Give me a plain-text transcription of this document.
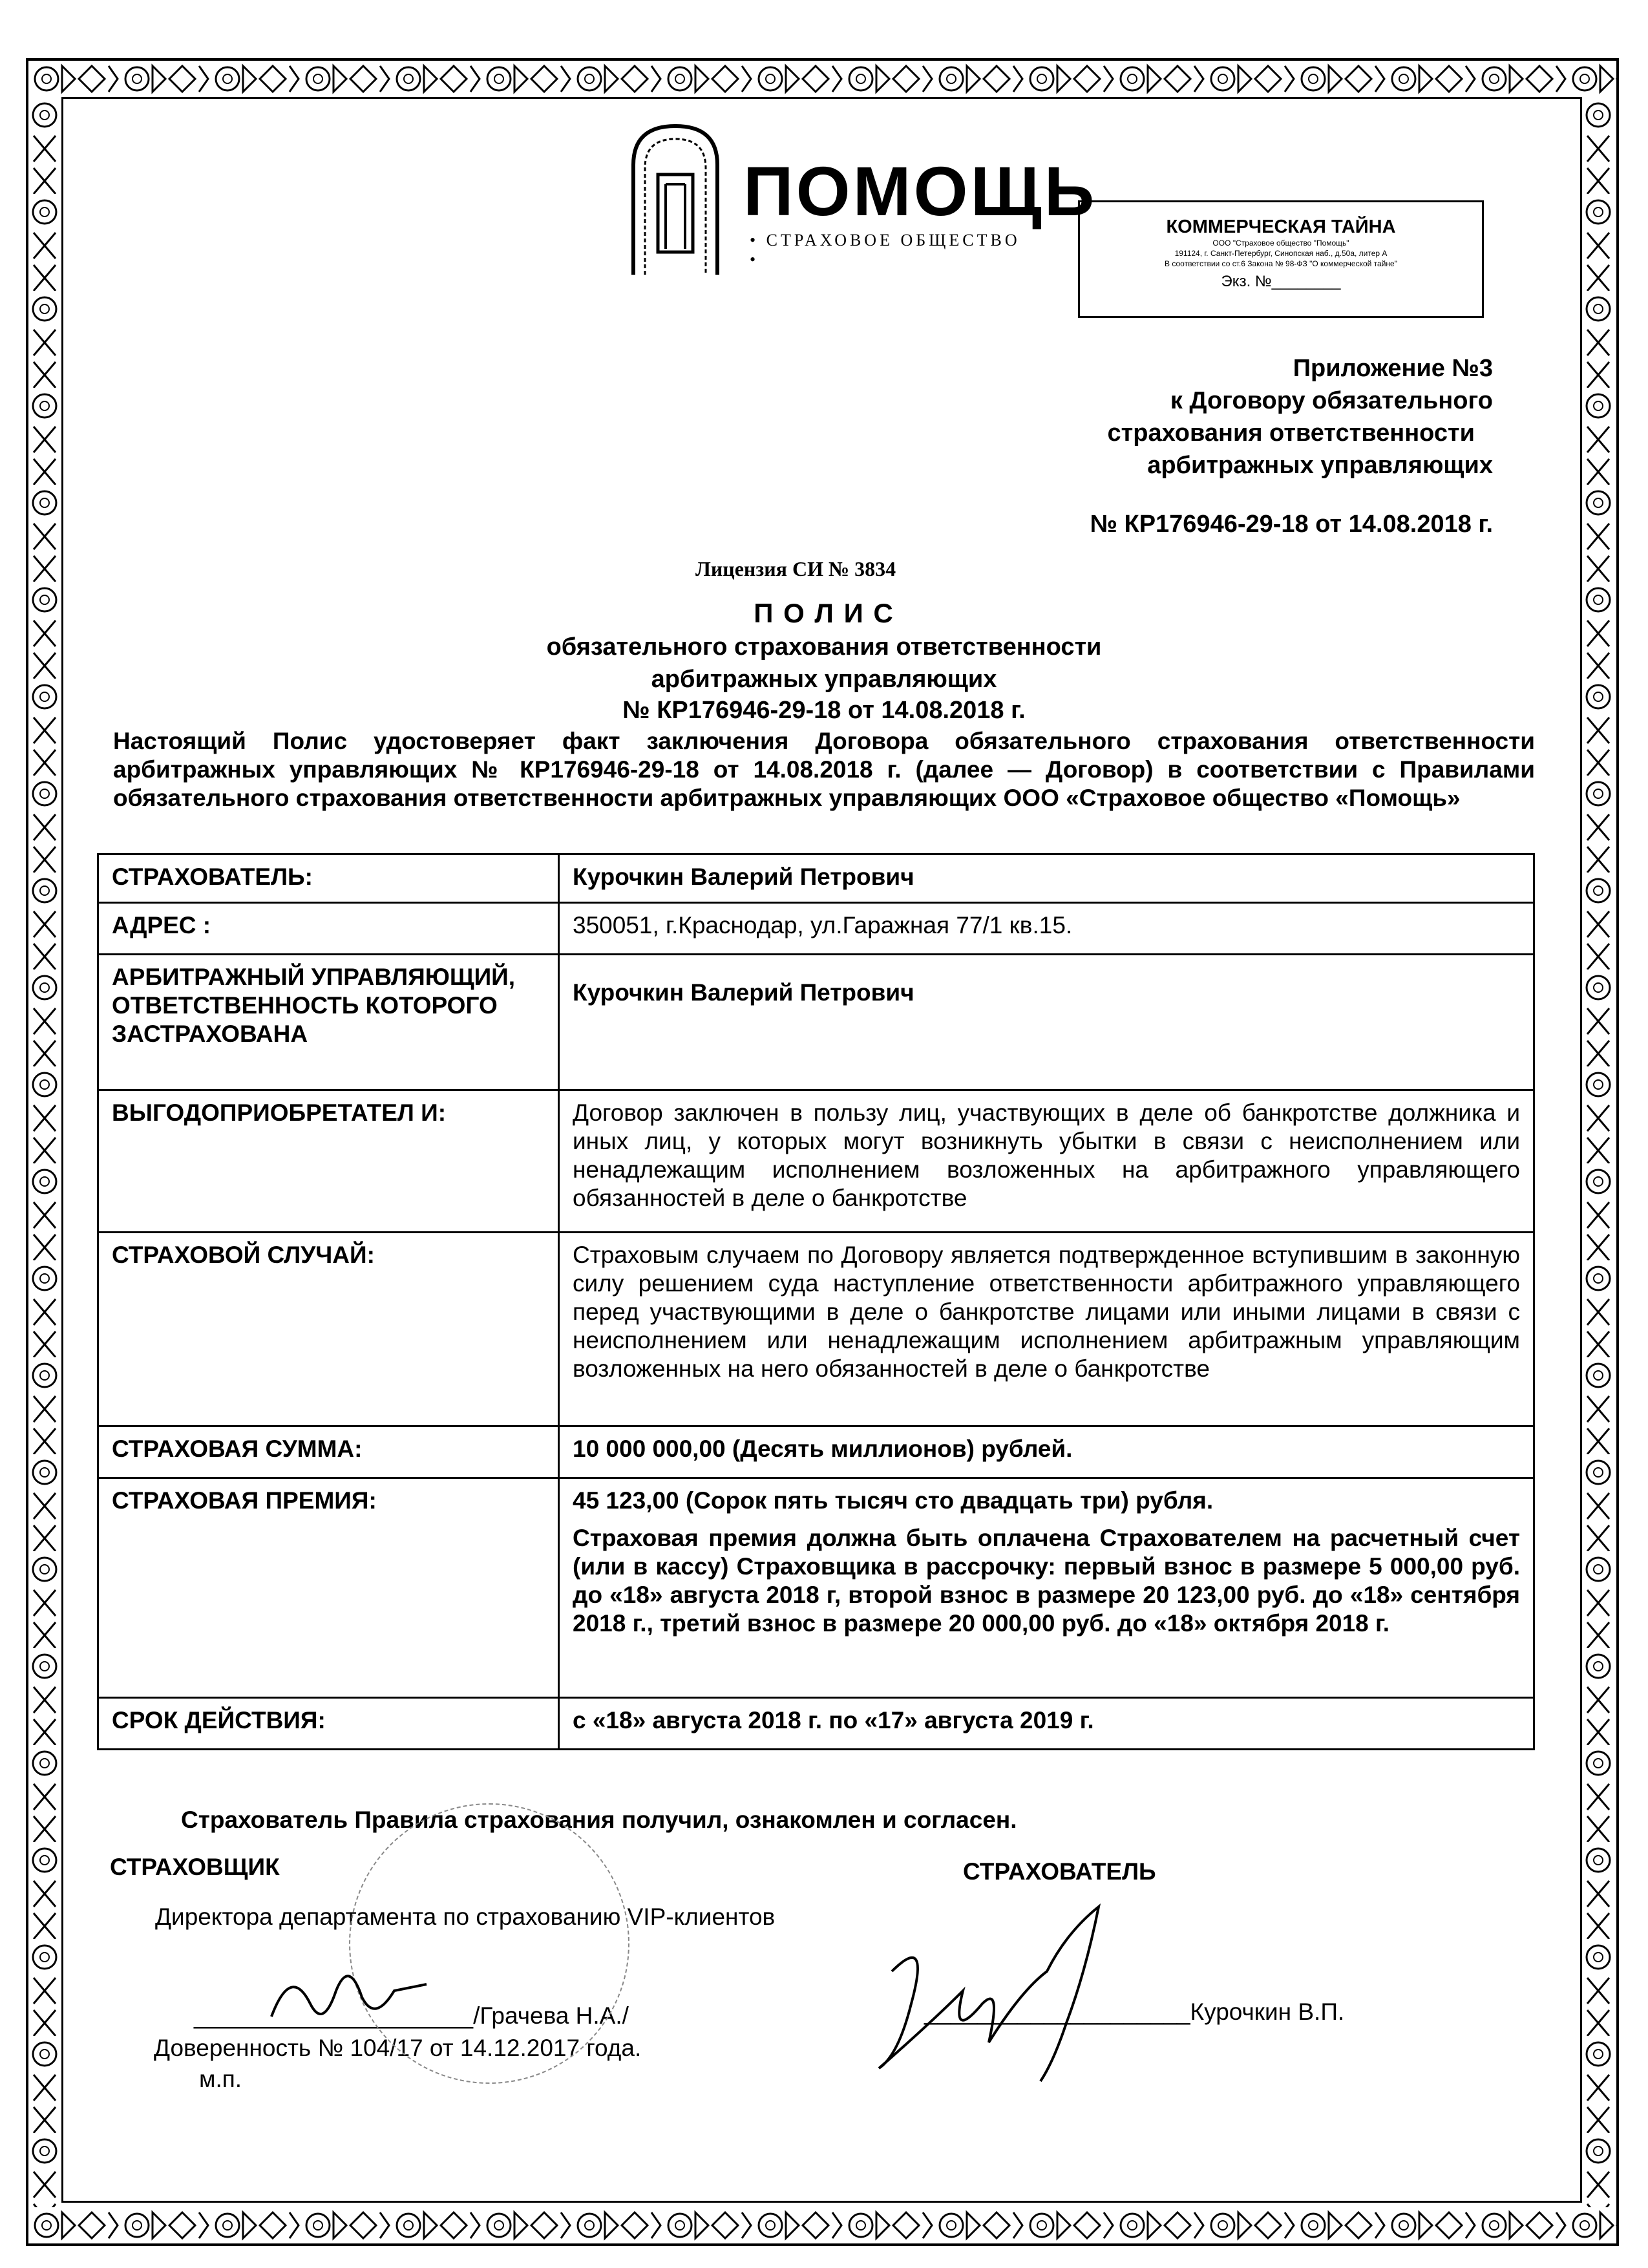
ПОМОЩЬ
• СТРАХОВОЕ ОБЩЕСТВО •
КОММЕРЧЕСКАЯ ТАЙНА
ООО "Страховое общество "Помощь"
191124, г. Санкт-Петербург, Синопская наб., д.50а, литер А
В соответствии со ст.6 Закона № 98-ФЗ "О коммерческой тайне"
Экз. №________
Приложение №3
к Договору обязательного
страхования ответственности
арбитражных управляющих
№ КР176946-29-18 от 14.08.2018 г.
Лицензия СИ № 3834
П О Л И С
обязательного страхования ответственности
арбитражных управляющих
№ КР176946-29-18 от 14.08.2018 г.
Настоящий Полис удостоверяет факт заключения Договора обязательного страхования ответственности арбитражных управляющих № КР176946-29-18 от 14.08.2018 г. (далее — Договор) в соответствии с Правилами обязательного страхования ответственности арбитражных управляющих ООО «Страховое общество «Помощь»
СТРАХОВАТЕЛЬ:	Курочкин Валерий Петрович
АДРЕС :	350051, г.Краснодар, ул.Гаражная 77/1 кв.15.
АРБИТРАЖНЫЙ УПРАВЛЯЮЩИЙ, ОТВЕТСТВЕННОСТЬ КОТОРОГО ЗАСТРАХОВАНА	Курочкин Валерий Петрович
ВЫГОДОПРИОБРЕТАТЕЛ И:	Договор заключен в пользу лиц, участвующих в деле об банкротстве должника и иных лиц, у которых могут возникнуть убытки в связи с неисполнением или ненадлежащим исполнением возложенных на арбитражного управляющего обязанностей в деле о банкротстве
СТРАХОВОЙ СЛУЧАЙ:	Страховым случаем по Договору является подтвержденное вступившим в законную силу решением суда наступление ответственности арбитражного управляющего перед участвующими в деле о банкротстве лицами или иными лицами в связи с неисполнением или ненадлежащим исполнением арбитражным управляющим возложенных на него обязанностей в деле о банкротстве
СТРАХОВАЯ СУММА:	10 000 000,00 (Десять миллионов) рублей.
СТРАХОВАЯ ПРЕМИЯ:	45 123,00 (Сорок пять тысяч сто двадцать три) рубля.
Страховая премия должна быть оплачена Страхователем на расчетный счет (или в кассу) Страховщика в рассрочку: первый взнос в размере 5 000,00 руб. до «18» августа 2018 г, второй взнос в размере 20 123,00 руб. до «18» сентября 2018 г., третий взнос в размере 20 000,00 руб. до «18» октября 2018 г.

СРОК ДЕЙСТВИЯ:	с «18» августа 2018 г. по «17» августа 2019 г.
Страхователь Правила страхования получил, ознакомлен и согласен.
СТРАХОВЩИК
Директора департамента по страхованию VIP-клиентов
_____________________/Грачева Н.А./
Доверенность № 104/17 от 14.12.2017 года.
м.п.
СТРАХОВАТЕЛЬ
____________________Курочкин В.П.
